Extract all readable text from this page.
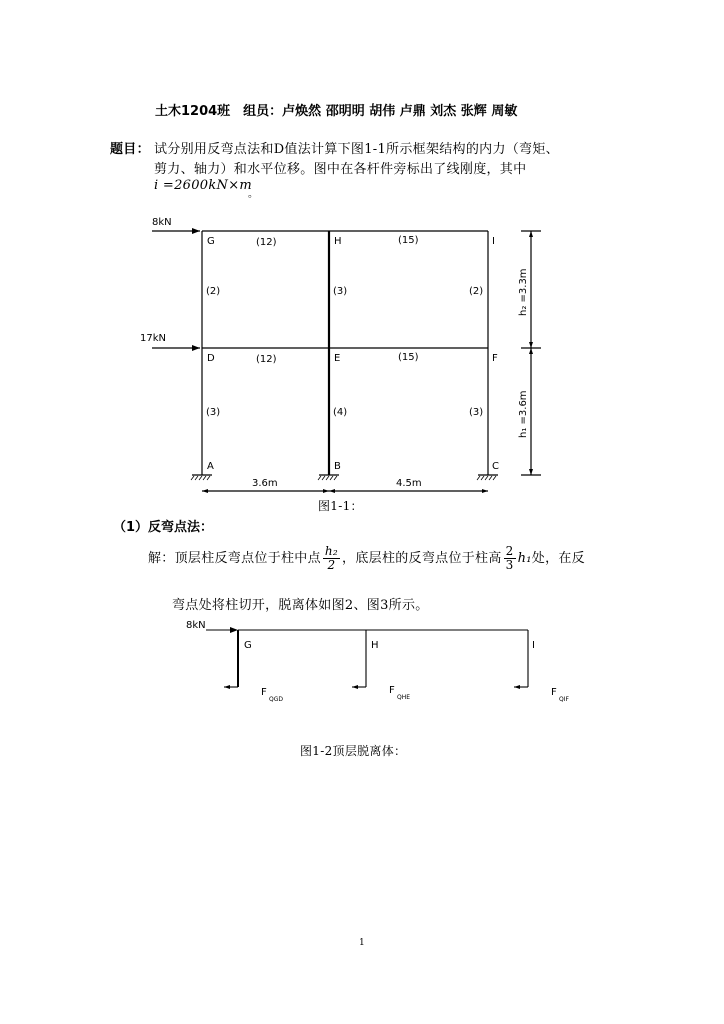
土木1204班　组员：卢焕然 邵明明 胡伟 卢鼎 刘杰 张辉 周敏
题目： 试分别用反弯点法和D值法计算下图1-1所示框架结构的内力（弯矩、
剪力、轴力）和水平位移。图中在各杆件旁标出了线刚度，其中
i =2600kN×m
。
8kN
17kN
G	H	I
D	E	F
A	B	C
(12)	(15)
(2)	(3)	(2)
(12)	(15)
(3)	(4)	(3)
3.6m	4.5m
h₂ =3.3m
h₁ =3.6m
图1-1：
（1）反弯点法：
解：顶层柱反弯点位于柱中点 $\frac{\text{h₂}}{2}$ ，底层柱的反弯点位于柱高 $\frac{2}{3} h_1$处，在反
弯点处将柱切开，脱离体如图2、图3所示。
8kN
G	H	I
F
QGD
F
QHE	F
QIF
图1-2顶层脱离体：
1
